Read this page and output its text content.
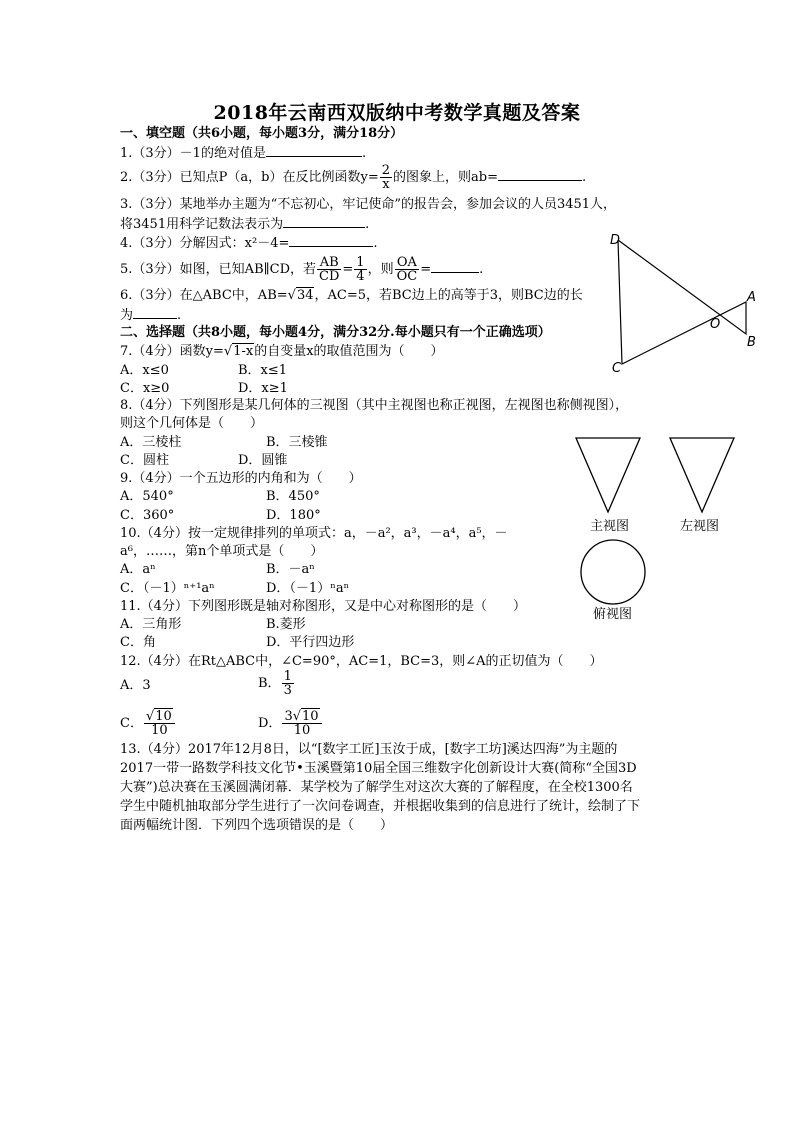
2018年云南西双版纳中考数学真题及答案
一、填空题（共6小题，每小题3分，满分18分）
1.（3分）－1的绝对值是	.
2.（3分）已知点P（a，b）在反比例函数$y= \frac{2}{x}$ 的图象上，则ab=	.
3.（3分）某地举办主题为“不忘初心，牢记使命”的报告会，参加会议的人员3451人，
将3451用科学记数法表示为	.
4.（3分）分解因式：x²－4=	.
5.（3分）如图，已知AB∥CD，若 $\frac{AB}{CD} = \frac{1}{4}$ ，则 $\frac{OA}{OC}$ =	.
6.（3分）在△ABC中，AB=√34，AC=5，若BC边上的高等于3，则BC边的长
为	.
二、选择题（共8小题，每小题4分，满分32分.每小题只有一个正确选项）
7.（4分）函数y=√1-x的自变量x的取值范围为（　　）
A．x≤0	B．x≤1
C．x≥0	D．x≥1
8.（4分）下列图形是某几何体的三视图（其中主视图也称正视图，左视图也称侧视图），
则这个几何体是（　　）
A．三棱柱	B．三棱锥
C．圆柱	D．圆锥
9.（4分）一个五边形的内角和为（　　）
A．540°	B．450°
C．360°	D．180°
10.（4分）按一定规律排列的单项式：a，－a²，a³，－a⁴，a⁵，－
a⁶，……，第n个单项式是（　　）
A．aⁿ	B．－aⁿ
C．（－1）ⁿ⁺¹aⁿ	D．（－1）ⁿaⁿ
11.（4分）下列图形既是轴对称图形，又是中心对称图形的是（　　）
A．三角形	B.菱形
C．角	D．平行四边形
12.（4分）在Rt△ABC中，∠C=90°，AC=1，BC=3，则∠A的正切值为（　　）
A．3	B． $\frac{1}{3}$
C． $\frac{√10}{10}$	D． $\frac{3√10}{10}$
13.（4分）2017年12月8日，以“[数字工匠]玉汝于成，[数字工坊]溪达四海”为主题的
2017一带一路数学科技文化节•玉溪暨第10届全国三维数字化创新设计大赛(简称“全国3D
大赛”)总决赛在玉溪圆满闭幕．某学校为了解学生对这次大赛的了解程度，在全校1300名
学生中随机抽取部分学生进行了一次问卷调查，并根据收集到的信息进行了统计，绘制了下
面两幅统计图．下列四个选项错误的是（　　）
D
A
O
B
C
主视图	左视图
俯视图
